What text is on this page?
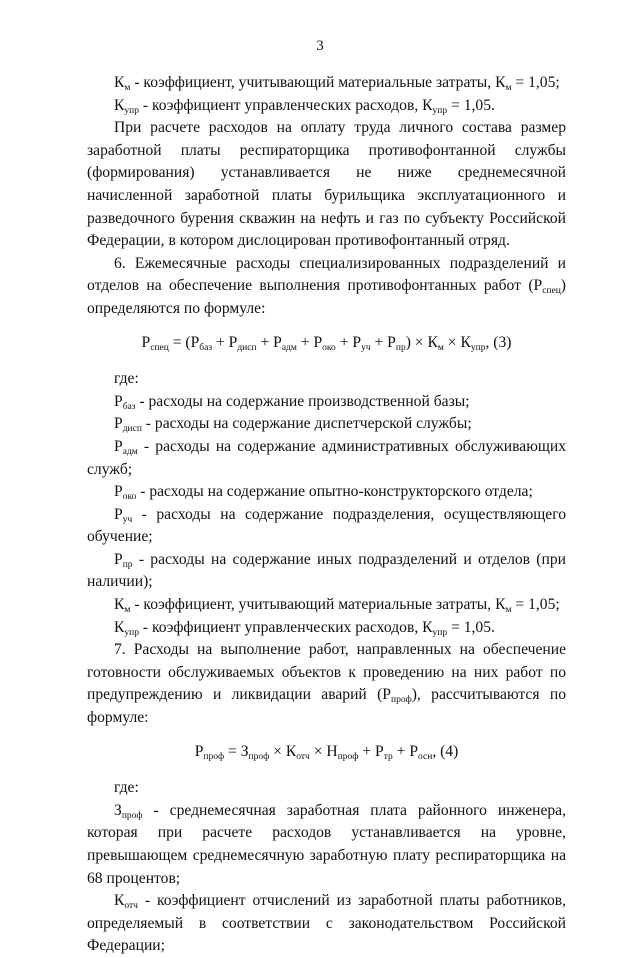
3

$К_м$ - коэффициент, учитывающий материальные затраты, $К_м = 1,05$;

$К_{упр}$ - коэффициент управленческих расходов, $К_{упр} = 1,05$.

При расчете расходов на оплату труда личного состава размер заработной платы респираторщика противофонтанной службы (формирования) устанавливается не ниже среднемесячной начисленной заработной платы бурильщика эксплуатационного и разведочного бурения скважин на нефть и газ по субъекту Российской Федерации, в котором дислоцирован противофонтанный отряд.

6. Ежемесячные расходы специализированных подразделений и отделов на обеспечение выполнения противофонтанных работ $(Р_{спец})$ определяются по формуле:

$Р_{спец} = (Р_{баз} + Р_{дисп} + Р_{адм} + Р_{око} + Р_{уч} + Р_{пр}) \times К_м \times К_{упр}$, (3)

где:

$Р_{баз}$ - расходы на содержание производственной базы;

$Р_{дисп}$ - расходы на содержание диспетчерской службы;

$Р_{адм}$ - расходы на содержание административных обслуживающих служб;

$Р_{око}$ - расходы на содержание опытно-конструкторского отдела;

$Р_{уч}$ - расходы на содержание подразделения, осуществляющего обучение;

$Р_{пр}$ - расходы на содержание иных подразделений и отделов (при наличии);

$К_м$ - коэффициент, учитывающий материальные затраты, $К_м = 1,05$;

$К_{упр}$ - коэффициент управленческих расходов, $К_{упр} = 1,05$.

7. Расходы на выполнение работ, направленных на обеспечение готовности обслуживаемых объектов к проведению на них работ по предупреждению и ликвидации аварий $(Р_{проф})$, рассчитываются по формуле:

$Р_{проф} = З_{проф} \times К_{отч} \times Н_{проф} + Р_{тр} + Р_{осн}$, (4)

где:

$З_{проф}$ - среднемесячная заработная плата районного инженера, которая при расчете расходов устанавливается на уровне, превышающем среднемесячную заработную плату респираторщика на 68 процентов;

$К_{отч}$ - коэффициент отчислений из заработной платы работников, определяемый в соответствии с законодательством Российской Федерации;
